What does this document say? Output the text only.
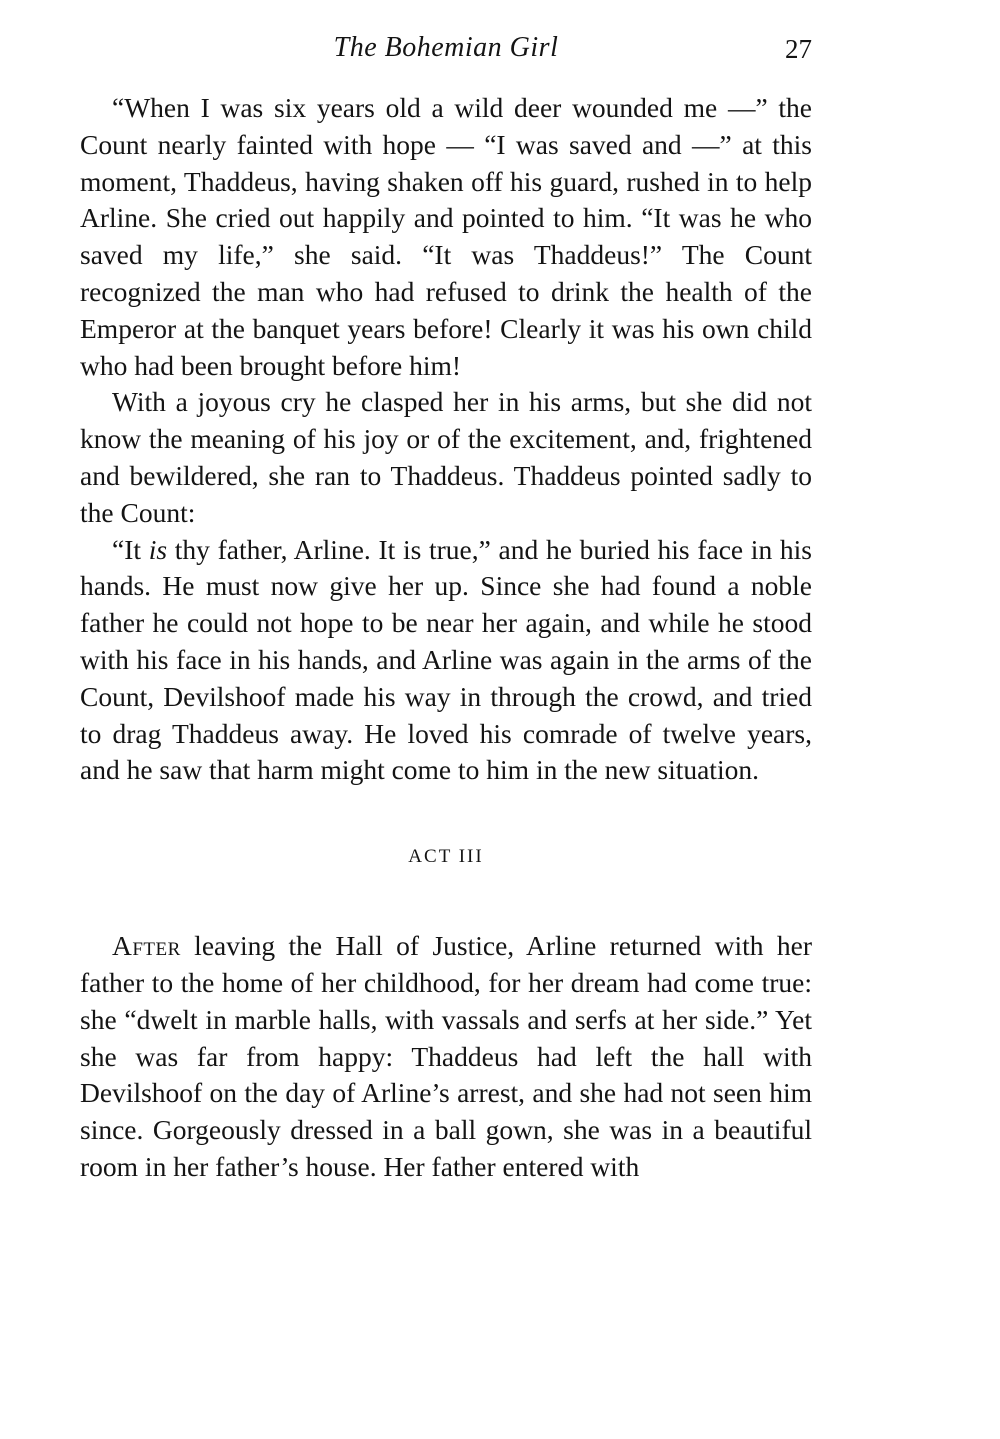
The Bohemian Girl	27

“When I was six years old a wild deer wounded me —” the Count nearly fainted with hope — “I was saved and —” at this moment, Thaddeus, having shaken off his guard, rushed in to help Arline. She cried out happily and pointed to him. “It was he who saved my life,” she said. “It was Thaddeus!” The Count recognized the man who had refused to drink the health of the Emperor at the banquet years before! Clearly it was his own child who had been brought before him!

With a joyous cry he clasped her in his arms, but she did not know the meaning of his joy or of the excitement, and, frightened and bewildered, she ran to Thaddeus. Thaddeus pointed sadly to the Count:

“It is thy father, Arline. It is true,” and he buried his face in his hands. He must now give her up. Since she had found a noble father he could not hope to be near her again, and while he stood with his face in his hands, and Arline was again in the arms of the Count, Devilshoof made his way in through the crowd, and tried to drag Thaddeus away. He loved his comrade of twelve years, and he saw that harm might come to him in the new situation.

ACT III

After leaving the Hall of Justice, Arline returned with her father to the home of her childhood, for her dream had come true: she “dwelt in marble halls, with vassals and serfs at her side.” Yet she was far from happy: Thaddeus had left the hall with Devilshoof on the day of Arline’s arrest, and she had not seen him since. Gorgeously dressed in a ball gown, she was in a beautiful room in her father’s house. Her father entered with
